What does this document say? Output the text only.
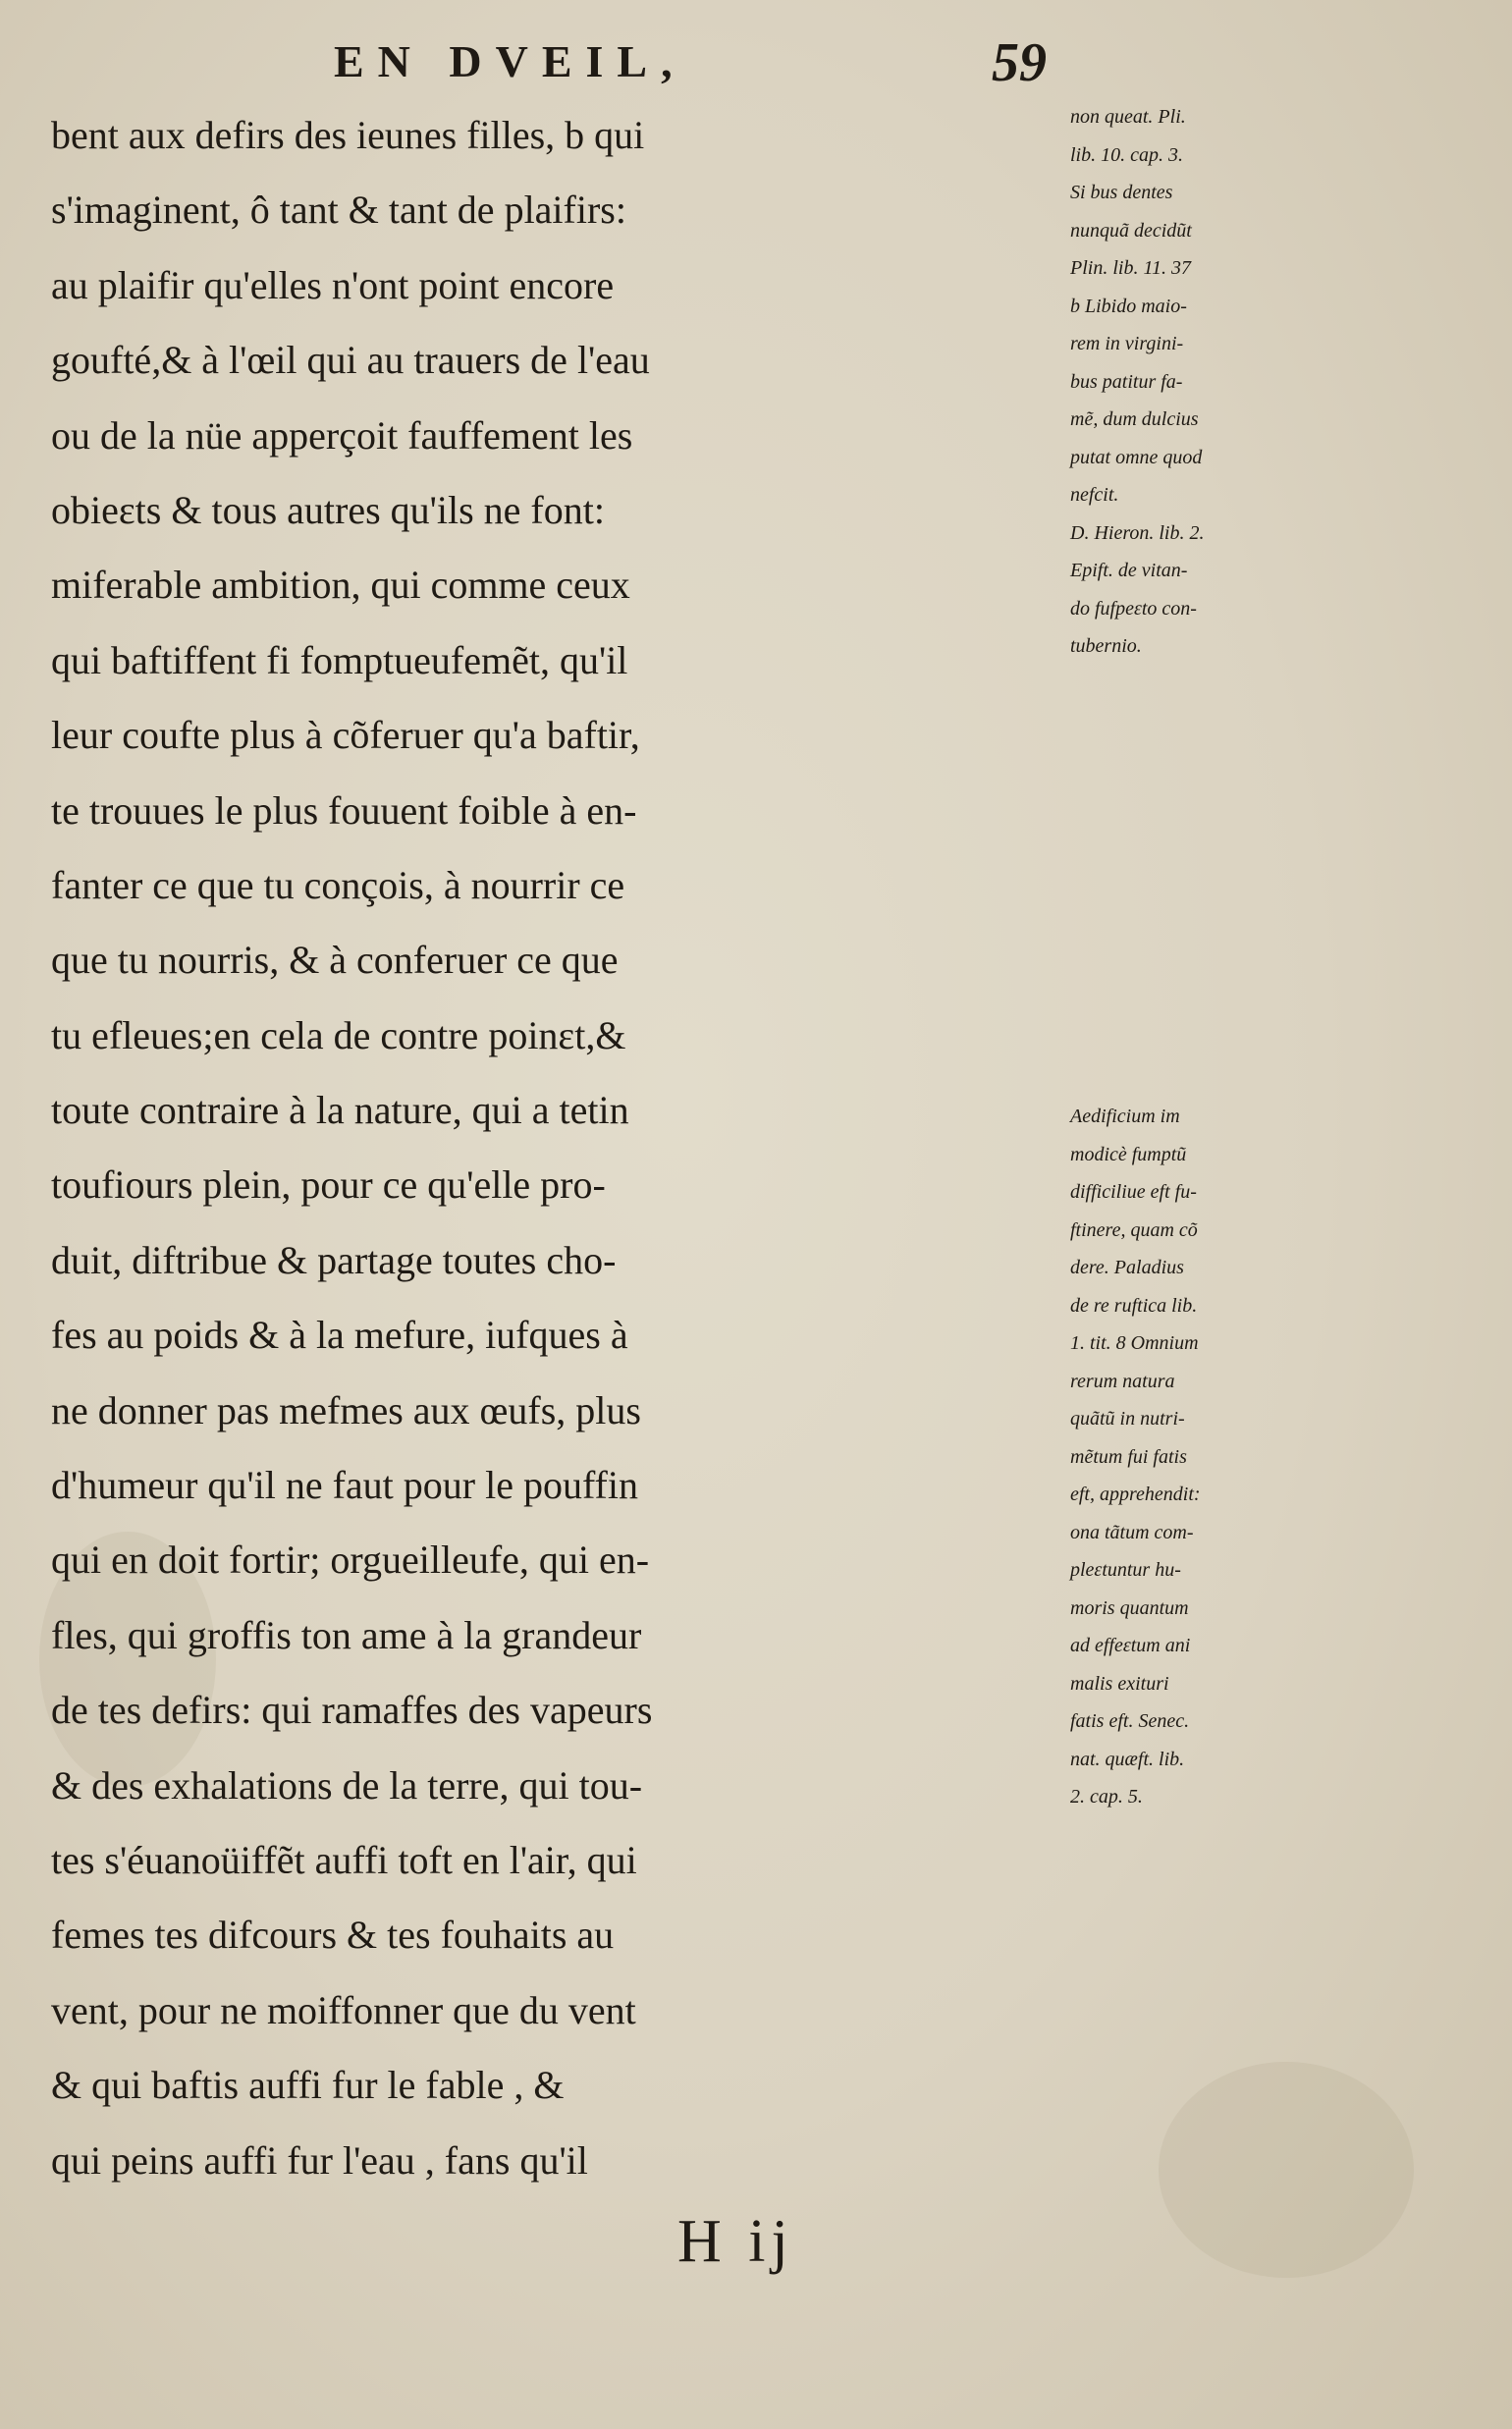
EN DVEIL,	59
bent aux defirs des ieunes filles, b qui
s'imaginent, ô tant & tant de plaifirs:
au plaifir qu'elles n'ont point encore
goufté,& à l'œil qui au trauers de l'eau
ou de la nüe apperçoit fauffement les
obieɛts & tous autres qu'ils ne font:
miferable ambition, qui comme ceux
qui baftiffent fi fomptueufemẽt, qu'il
leur coufte plus à cõferuer qu'a baftir,
te trouues le plus fouuent foible à en-
fanter ce que tu conçois, à nourrir ce
que tu nourris, & à conferuer ce que
tu efleues;en cela de contre poinɛt,&
toute contraire à la nature, qui a tetin
toufiours plein, pour ce qu'elle pro-
duit, diftribue & partage toutes cho-
fes au poids & à la mefure, iufques à
ne donner pas mefmes aux œufs, plus
d'humeur qu'il ne faut pour le pouffin
qui en doit fortir; orgueilleufe, qui en-
fles, qui groffis ton ame à la grandeur
de tes defirs: qui ramaffes des vapeurs
& des exhalations de la terre, qui tou-
tes s'éuanoüiffẽt auffi toft en l'air, qui
femes tes difcours & tes fouhaits au
vent, pour ne moiffonner que du vent
& qui baftis auffi fur le fable , &
qui peins auffi fur l'eau , fans qu'il
non queat. Pli.
lib. 10. cap. 3.
Si bus dentes
nunquã decidũt
Plin. lib. 11. 37
b Libido maio-
rem in virgini-
bus patitur fa-
mẽ, dum dulcius
putat omne quod
nefcit.
D. Hieron. lib. 2.
Epift. de vitan-
do fufpeɛto con-
tubernio.
Aedificium im
modicè fumptũ
difficiliue eft fu-
ftinere, quam cõ
dere. Paladius
de re ruftica lib.
1. tit. 8 Omnium
rerum natura
quãtũ in nutri-
mẽtum fui fatis
eft, apprehendit:
ona tãtum com-
pleɛtuntur hu-
moris quantum
ad effeɛtum ani
malis exituri
fatis eft. Senec.
nat. quæft. lib.
2. cap. 5.
H ij
